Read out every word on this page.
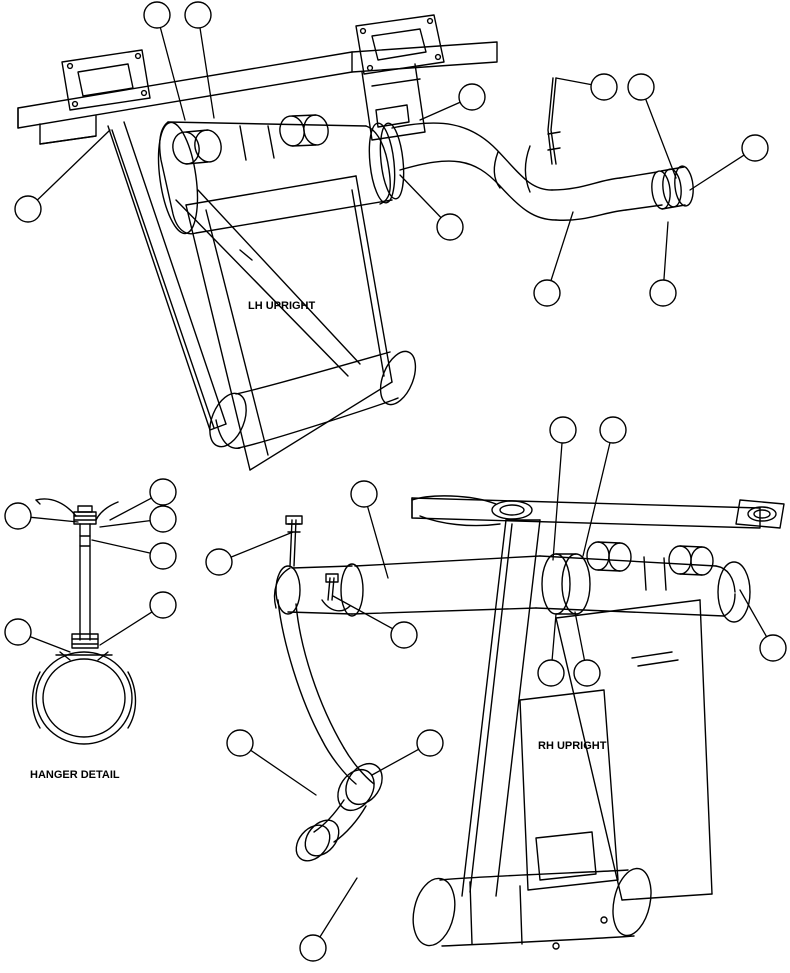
LH UPRIGHT
RH UPRIGHT
HANGER DETAIL
